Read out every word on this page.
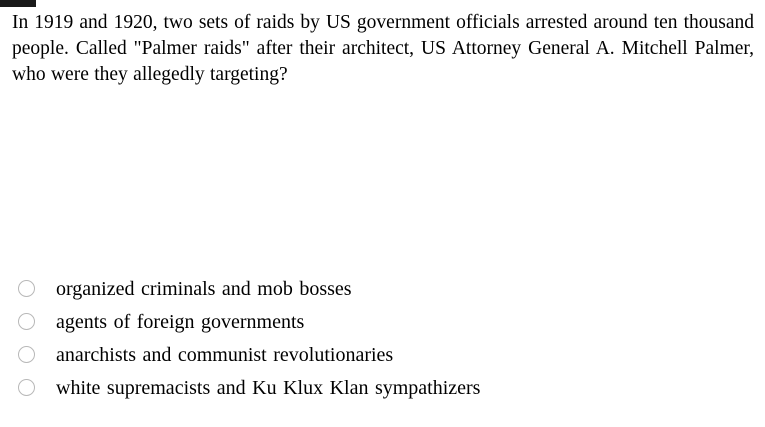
In 1919 and 1920, two sets of raids by US government officials arrested around ten thousand people. Called "Palmer raids" after their architect, US Attorney General A. Mitchell Palmer, who were they allegedly targeting?
organized criminals and mob bosses
agents of foreign governments
anarchists and communist revolutionaries
white supremacists and Ku Klux Klan sympathizers
